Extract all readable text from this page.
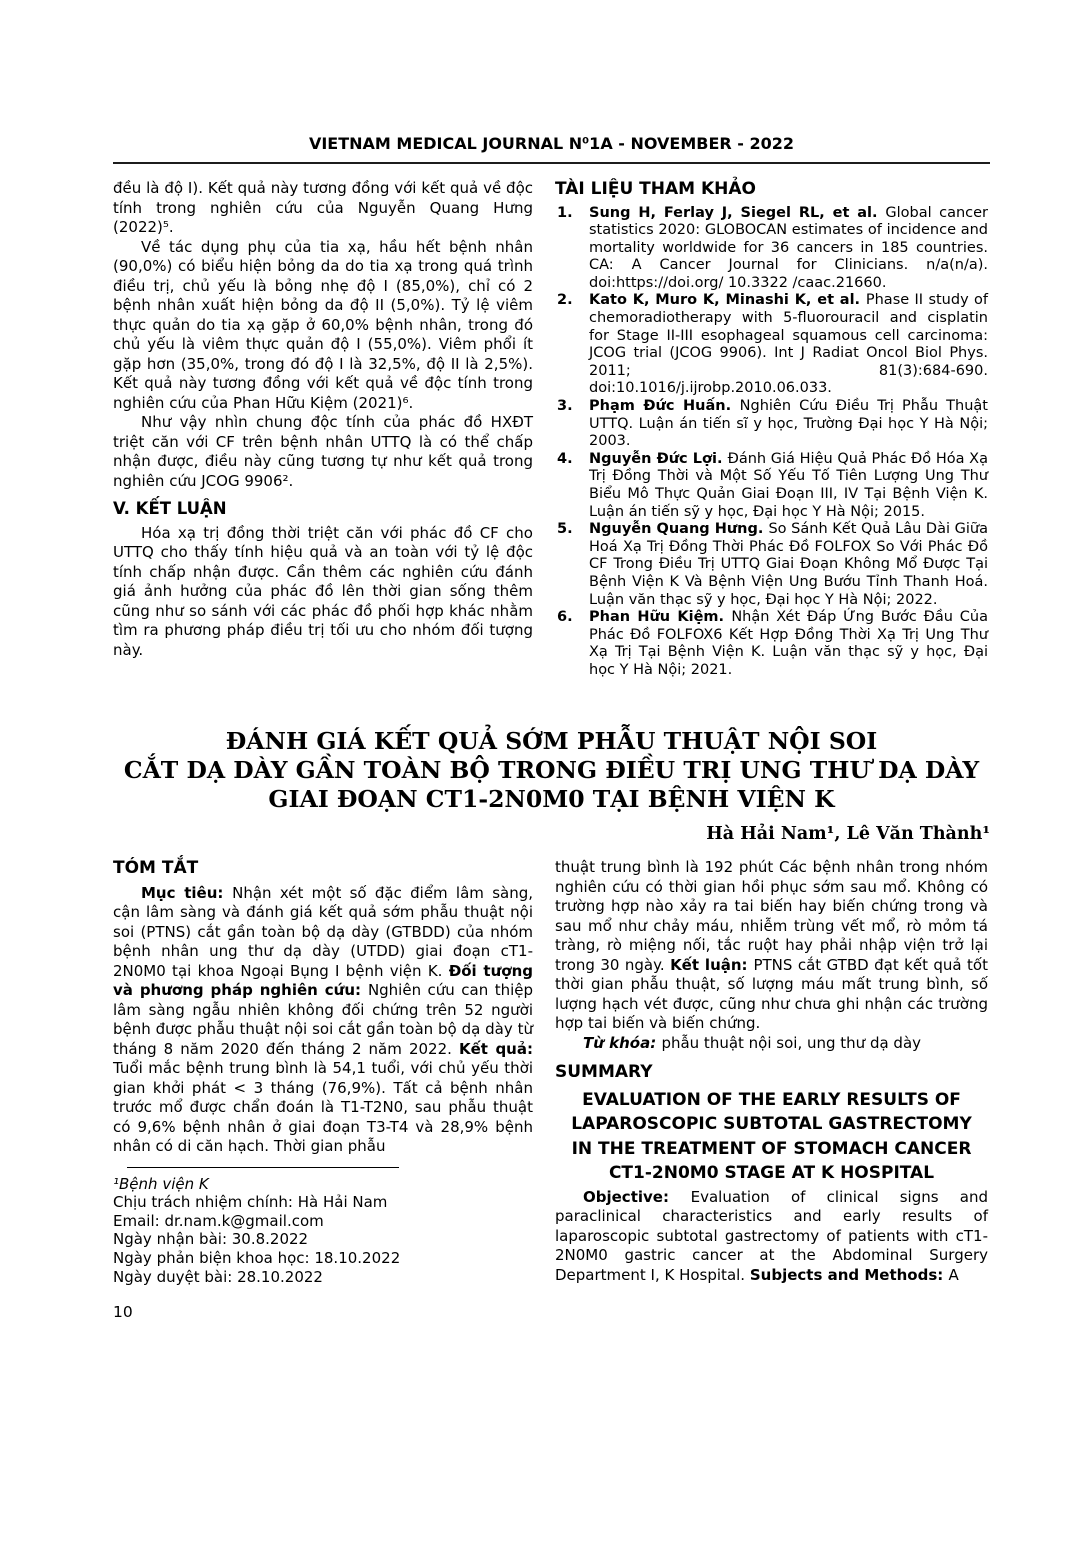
VIETNAM MEDICAL JOURNAL N⁰1A - NOVEMBER - 2022

đều là độ I). Kết quả này tương đồng với kết quả về độc tính trong nghiên cứu của Nguyễn Quang Hưng (2022)⁵.

Về tác dụng phụ của tia xạ, hầu hết bệnh nhân (90,0%) có biểu hiện bỏng da do tia xạ trong quá trình điều trị, chủ yếu là bỏng nhẹ độ I (85,0%), chỉ có 2 bệnh nhân xuất hiện bỏng da độ II (5,0%). Tỷ lệ viêm thực quản do tia xạ gặp ở 60,0% bệnh nhân, trong đó chủ yếu là viêm thực quản độ I (55,0%). Viêm phổi ít gặp hơn (35,0%, trong đó độ I là 32,5%, độ II là 2,5%). Kết quả này tương đồng với kết quả về độc tính trong nghiên cứu của Phan Hữu Kiệm (2021)⁶.

Như vậy nhìn chung độc tính của phác đồ HXĐT triệt căn với CF trên bệnh nhân UTTQ là có thể chấp nhận được, điều này cũng tương tự như kết quả trong nghiên cứu JCOG 9906².

V. KẾT LUẬN

Hóa xạ trị đồng thời triệt căn với phác đồ CF cho UTTQ cho thấy tính hiệu quả và an toàn với tỷ lệ độc tính chấp nhận được. Cần thêm các nghiên cứu đánh giá ảnh hưởng của phác đồ lên thời gian sống thêm cũng như so sánh với các phác đồ phối hợp khác nhằm tìm ra phương pháp điều trị tối ưu cho nhóm đối tượng này.

TÀI LIỆU THAM KHẢO
1. Sung H, Ferlay J, Siegel RL, et al. Global cancer statistics 2020: GLOBOCAN estimates of incidence and mortality worldwide for 36 cancers in 185 countries. CA: A Cancer Journal for Clinicians. n/a(n/a). doi:https://doi.org/ 10.3322 /caac.21660.
2. Kato K, Muro K, Minashi K, et al. Phase II study of chemoradiotherapy with 5-fluorouracil and cisplatin for Stage II-III esophageal squamous cell carcinoma: JCOG trial (JCOG 9906). Int J Radiat Oncol Biol Phys. 2011; 81(3):684-690. doi:10.1016/j.ijrobp.2010.06.033.
3. Phạm Đức Huấn. Nghiên Cứu Điều Trị Phẫu Thuật UTTQ. Luận án tiến sĩ y học, Trường Đại học Y Hà Nội; 2003.
4. Nguyễn Đức Lợi. Đánh Giá Hiệu Quả Phác Đồ Hóa Xạ Trị Đồng Thời và Một Số Yếu Tố Tiên Lượng Ung Thư Biểu Mô Thực Quản Giai Đoạn III, IV Tại Bệnh Viện K. Luận án tiến sỹ y học, Đại học Y Hà Nội; 2015.
5. Nguyễn Quang Hưng. So Sánh Kết Quả Lâu Dài Giữa Hoá Xạ Trị Đồng Thời Phác Đồ FOLFOX So Với Phác Đồ CF Trong Điều Trị UTTQ Giai Đoạn Không Mổ Được Tại Bệnh Viện K Và Bệnh Viện Ung Bướu Tỉnh Thanh Hoá. Luận văn thạc sỹ y học, Đại học Y Hà Nội; 2022.
6. Phan Hữu Kiệm. Nhận Xét Đáp Ứng Bước Đầu Của Phác Đồ FOLFOX6 Kết Hợp Đồng Thời Xạ Trị Ung Thư Xạ Trị Tại Bệnh Viện K. Luận văn thạc sỹ y học, Đại học Y Hà Nội; 2021.
ĐÁNH GIÁ KẾT QUẢ SỚM PHẪU THUẬT NỘI SOI
CẮT DẠ DÀY GẦN TOÀN BỘ TRONG ĐIỀU TRỊ UNG THƯ DẠ DÀY
GIAI ĐOẠN CT1-2N0M0 TẠI BỆNH VIỆN K
Hà Hải Nam¹, Lê Văn Thành¹
TÓM TẮT

Mục tiêu: Nhận xét một số đặc điểm lâm sàng, cận lâm sàng và đánh giá kết quả sớm phẫu thuật nội soi (PTNS) cắt gần toàn bộ dạ dày (GTBDD) của nhóm bệnh nhân ung thư dạ dày (UTDD) giai đoạn cT1-2N0M0 tại khoa Ngoại Bụng I bệnh viện K. Đối tượng và phương pháp nghiên cứu: Nghiên cứu can thiệp lâm sàng ngẫu nhiên không đối chứng trên 52 người bệnh được phẫu thuật nội soi cắt gần toàn bộ dạ dày từ tháng 8 năm 2020 đến tháng 2 năm 2022. Kết quả: Tuổi mắc bệnh trung bình là 54,1 tuổi, với chủ yếu thời gian khởi phát < 3 tháng (76,9%). Tất cả bệnh nhân trước mổ được chẩn đoán là T1-T2N0, sau phẫu thuật có 9,6% bệnh nhân ở giai đoạn T3-T4 và 28,9% bệnh nhân có di căn hạch. Thời gian phẫu

¹Bệnh viện K
Chịu trách nhiệm chính: Hà Hải Nam
Email: dr.nam.k@gmail.com
Ngày nhận bài: 30.8.2022
Ngày phản biện khoa học: 18.10.2022
Ngày duyệt bài: 28.10.2022
10

thuật trung bình là 192 phút Các bệnh nhân trong nhóm nghiên cứu có thời gian hồi phục sớm sau mổ. Không có trường hợp nào xảy ra tai biến hay biến chứng trong và sau mổ như chảy máu, nhiễm trùng vết mổ, rò mỏm tá tràng, rò miệng nối, tắc ruột hay phải nhập viện trở lại trong 30 ngày. Kết luận: PTNS cắt GTBD đạt kết quả tốt thời gian phẫu thuật, số lượng máu mất trung bình, số lượng hạch vét được, cũng như chưa ghi nhận các trường hợp tai biến và biến chứng.

Từ khóa: phẫu thuật nội soi, ung thư dạ dày

SUMMARY
EVALUATION OF THE EARLY RESULTS OF
LAPAROSCOPIC SUBTOTAL GASTRECTOMY
IN THE TREATMENT OF STOMACH CANCER
CT1-2N0M0 STAGE AT K HOSPITAL

Objective: Evaluation of clinical signs and paraclinical characteristics and early results of laparoscopic subtotal gastrectomy of patients with cT1-2N0M0 gastric cancer at the Abdominal Surgery Department I, K Hospital. Subjects and Methods: A
